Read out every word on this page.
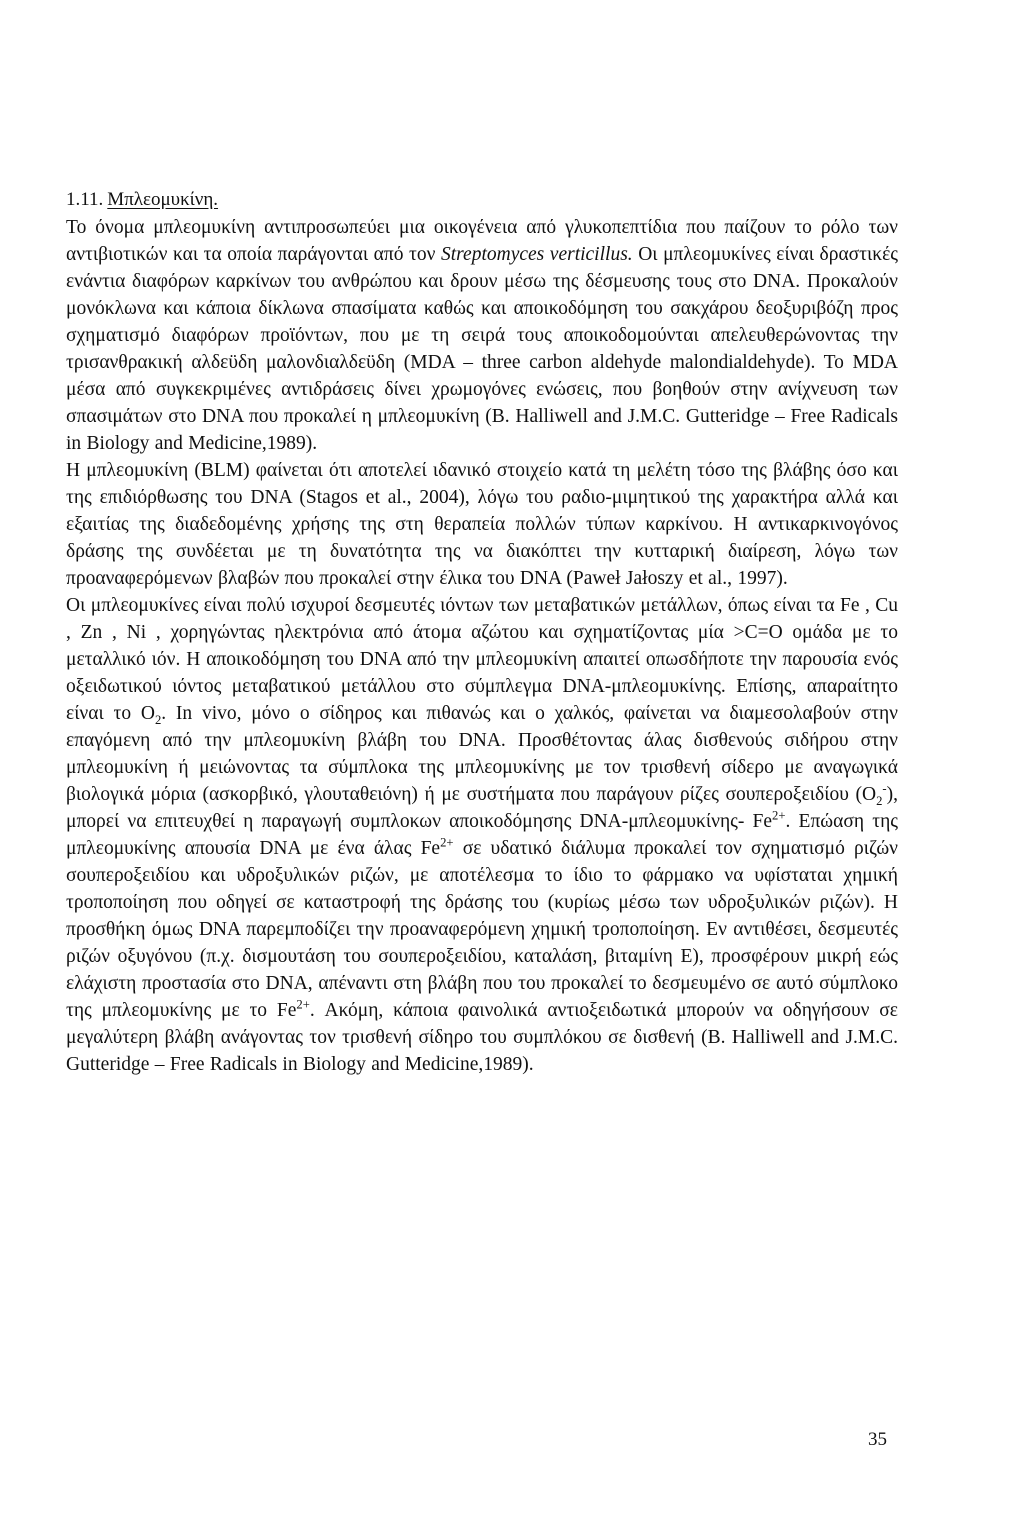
1.11. Μπλεομυκίνη.

Το όνομα μπλεομυκίνη αντιπροσωπεύει μια οικογένεια από γλυκοπεπτίδια που παίζουν το ρόλο των αντιβιοτικών και τα οποία παράγονται από τον Streptomyces verticillus. Οι μπλεομυκίνες είναι δραστικές ενάντια διαφόρων καρκίνων του ανθρώπου και δρουν μέσω της δέσμευσης τους στο DNA. Προκαλούν μονόκλωνα και κάποια δίκλωνα σπασίματα καθώς και αποικοδόμηση του σακχάρου δεοξυριβόζη προς σχηματισμό διαφόρων προϊόντων, που με τη σειρά τους αποικοδομούνται απελευθερώνοντας την τρισανθρακική αλδεϋδη μαλονδιαλδεϋδη (MDA – three carbon aldehyde malondialdehyde). Το MDA μέσα από συγκεκριμένες αντιδράσεις δίνει χρωμογόνες ενώσεις, που βοηθούν στην ανίχνευση των σπασιμάτων στο DNA που προκαλεί η μπλεομυκίνη (B. Halliwell and J.M.C. Gutteridge – Free Radicals in Biology and Medicine,1989).

Η μπλεομυκίνη (BLM) φαίνεται ότι αποτελεί ιδανικό στοιχείο κατά τη μελέτη τόσο της βλάβης όσο και της επιδιόρθωσης του DNA (Stagos et al., 2004), λόγω του ραδιο-μιμητικού της χαρακτήρα αλλά και εξαιτίας της διαδεδομένης χρήσης της στη θεραπεία πολλών τύπων καρκίνου. Η αντικαρκινογόνος δράσης της συνδέεται με τη δυνατότητα της να διακόπτει την κυτταρική διαίρεση, λόγω των προαναφερόμενων βλαβών που προκαλεί στην έλικα του DNA (Paweł Jałoszy et al., 1997).

Οι μπλεομυκίνες είναι πολύ ισχυροί δεσμευτές ιόντων των μεταβατικών μετάλλων, όπως είναι τα Fe , Cu , Zn , Ni , χορηγώντας ηλεκτρόνια από άτομα αζώτου και σχηματίζοντας μία >C=O ομάδα με το μεταλλικό ιόν. Η αποικοδόμηση του DNA από την μπλεομυκίνη απαιτεί οπωσδήποτε την παρουσία ενός οξειδωτικού ιόντος μεταβατικού μετάλλου στο σύμπλεγμα DNA-μπλεομυκίνης. Επίσης, απαραίτητο είναι το $O_2$. In vivo, μόνο ο σίδηρος και πιθανώς και ο χαλκός, φαίνεται να διαμεσολαβούν στην επαγόμενη από την μπλεομυκίνη βλάβη του DNA. Προσθέτοντας άλας δισθενούς σιδήρου στην μπλεομυκίνη ή μειώνοντας τα σύμπλοκα της μπλεομυκίνης με τον τρισθενή σίδερο με αναγωγικά βιολογικά μόρια (ασκορβικό, γλουταθειόνη) ή με συστήματα που παράγουν ρίζες σουπεροξειδίου $(O_2^-)$, μπορεί να επιτευχθεί η παραγωγή συμπλοκων αποικοδόμησης DNA-μπλεομυκίνης- $Fe^{2+}$. Επώαση της μπλεομυκίνης απουσία DNA με ένα άλας $Fe^{2+}$ σε υδατικό διάλυμα προκαλεί τον σχηματισμό ριζών σουπεροξειδίου και υδροξυλικών ριζών, με αποτέλεσμα το ίδιο το φάρμακο να υφίσταται χημική τροποποίηση που οδηγεί σε καταστροφή της δράσης του (κυρίως μέσω των υδροξυλικών ριζών). Η προσθήκη όμως DNA παρεμποδίζει την προαναφερόμενη χημική τροποποίηση. Εν αντιθέσει, δεσμευτές ριζών οξυγόνου (π.χ. δισμουτάση του σουπεροξειδίου, καταλάση, βιταμίνη Ε), προσφέρουν μικρή εώς ελάχιστη προστασία στο DNA, απέναντι στη βλάβη που του προκαλεί το δεσμευμένο σε αυτό σύμπλοκο της μπλεομυκίνης με το $Fe^{2+}$. Ακόμη, κάποια φαινολικά αντιοξειδωτικά μπορούν να οδηγήσουν σε μεγαλύτερη βλάβη ανάγοντας τον τρισθενή σίδηρο του συμπλόκου σε δισθενή (B. Halliwell and J.M.C. Gutteridge – Free Radicals in Biology and Medicine,1989).

35
